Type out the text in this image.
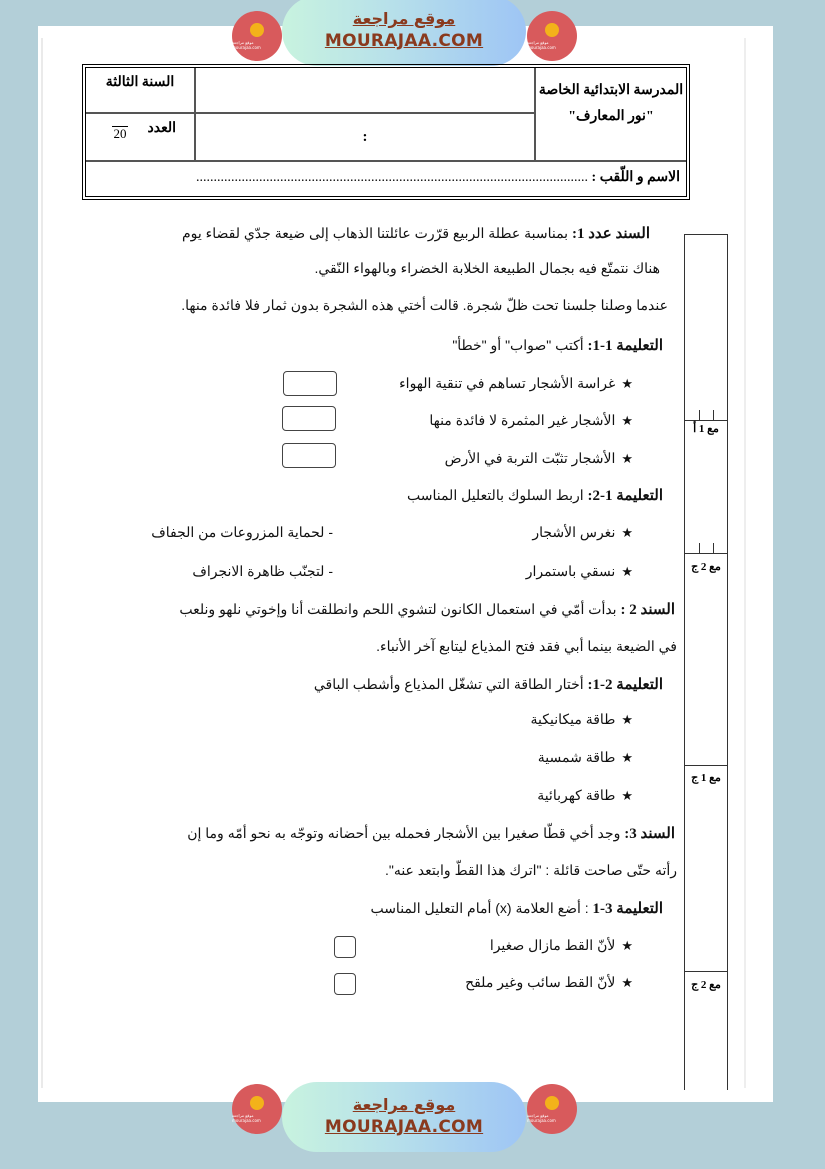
موقع مراجعة mourajaa.com
موقع مراجعة
MOURAJAA.COM	موقع مراجعة mourajaa.com
المدرسة الابتدائية الخاصة
"نور المعارف"
:
السنة الثالثة
العدد
20
الاسم و اللّقب : ................................................................................................................
السند عدد 1: بمناسبة عطلة الربيع قرّرت عائلتنا الذهاب إلى ضيعة جدّي لقضاء يوم
هناك نتمتّع فيه بجمال الطبيعة الخلابة الخضراء وبالهواء النّقي.
عندما وصلنا جلسنا تحت ظلّ شجرة. قالت أختي هذه الشجرة بدون ثمار فلا فائدة منها.
التعليمة 1-1: أكتب "صواب" أو "خطأ"
★غراسة الأشجار تساهم في تنقية الهواء
★الأشجار غير المثمرة لا فائدة منها
★الأشجار تثبّت التربة في الأرض
التعليمة 1-2: اربط السلوك بالتعليل المناسب
★نغرس الأشجار
- لحماية المزروعات من الجفاف
★نسقي باستمرار
- لتجنّب ظاهرة الانجراف
السند 2 : بدأت أمّي في استعمال الكانون لتشوي اللحم وانطلقت أنا وإخوتي نلهو ونلعب
في الضيعة بينما أبي فقد فتح المذياع ليتابع آخر الأنباء.
التعليمة 2-1: أختار الطاقة التي تشغّل المذياع وأشطب الباقي
★طاقة ميكانيكية
★طاقة شمسية
★طاقة كهربائية
السند 3: وجد أخي قطّا صغيرا بين الأشجار فحمله بين أحضانه وتوجّه به نحو أمّه وما إن
رأته حتّى صاحت قائلة : "اترك هذا القطّ وابتعد عنه".
التعليمة 3-1 : أضع العلامة (x) أمام التعليل المناسب
★لأنّ القط مازال صغيرا
★لأنّ القط سائب وغير ملقح
مع 1 أ
مع 2 ج
مع 1 ج
مع 2 ج
موقع مراجعة mourajaa.com
موقع مراجعة
MOURAJAA.COM
موقع مراجعة mourajaa.com
